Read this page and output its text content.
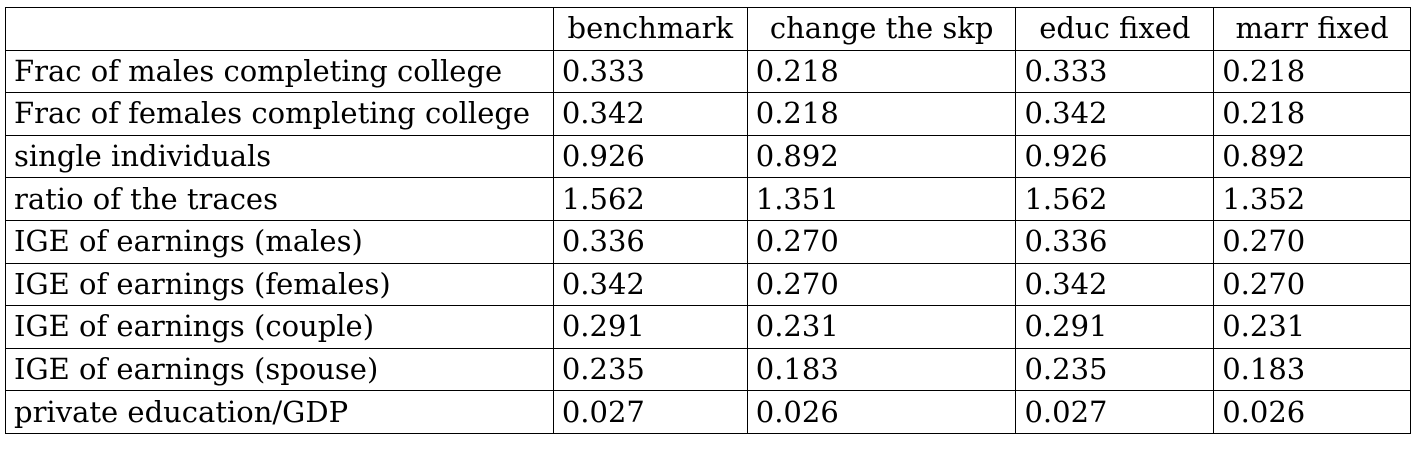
	benchmark	change the skp	educ fixed	marr fixed
Frac of males completing college	0.333	0.218	0.333	0.218
Frac of females completing college	0.342	0.218	0.342	0.218
single individuals	0.926	0.892	0.926	0.892
ratio of the traces	1.562	1.351	1.562	1.352
IGE of earnings (males)	0.336	0.270	0.336	0.270
IGE of earnings (females)	0.342	0.270	0.342	0.270
IGE of earnings (couple)	0.291	0.231	0.291	0.231
IGE of earnings (spouse)	0.235	0.183	0.235	0.183
private education/GDP	0.027	0.026	0.027	0.026
